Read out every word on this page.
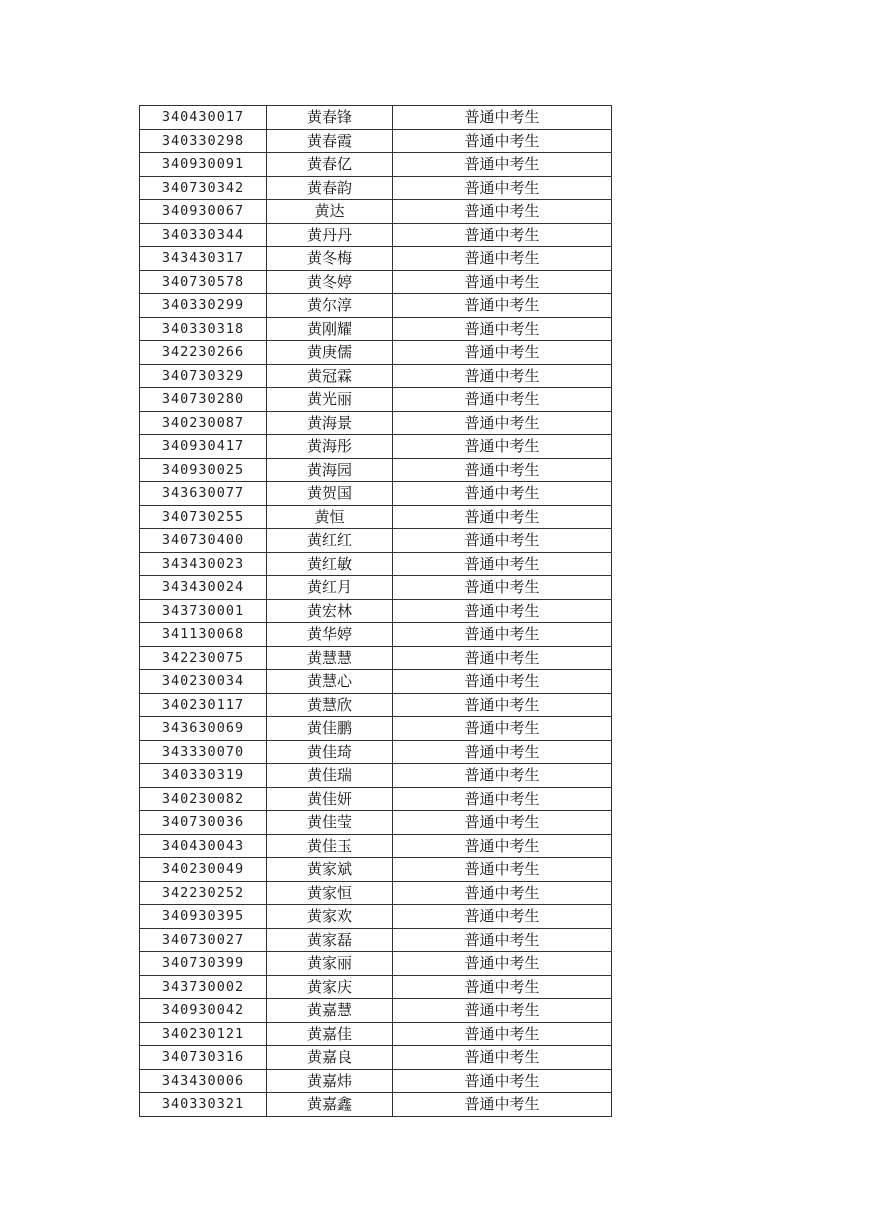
340430017	黄春锋	普通中考生
340330298	黄春霞	普通中考生
340930091	黄春亿	普通中考生
340730342	黄春韵	普通中考生
340930067	黄达	普通中考生
340330344	黄丹丹	普通中考生
343430317	黄冬梅	普通中考生
340730578	黄冬婷	普通中考生
340330299	黄尔淳	普通中考生
340330318	黄刚耀	普通中考生
342230266	黄庚儒	普通中考生
340730329	黄冠霖	普通中考生
340730280	黄光丽	普通中考生
340230087	黄海景	普通中考生
340930417	黄海彤	普通中考生
340930025	黄海园	普通中考生
343630077	黄贺国	普通中考生
340730255	黄恒	普通中考生
340730400	黄红红	普通中考生
343430023	黄红敏	普通中考生
343430024	黄红月	普通中考生
343730001	黄宏林	普通中考生
341130068	黄华婷	普通中考生
342230075	黄慧慧	普通中考生
340230034	黄慧心	普通中考生
340230117	黄慧欣	普通中考生
343630069	黄佳鹏	普通中考生
343330070	黄佳琦	普通中考生
340330319	黄佳瑞	普通中考生
340230082	黄佳妍	普通中考生
340730036	黄佳莹	普通中考生
340430043	黄佳玉	普通中考生
340230049	黄家斌	普通中考生
342230252	黄家恒	普通中考生
340930395	黄家欢	普通中考生
340730027	黄家磊	普通中考生
340730399	黄家丽	普通中考生
343730002	黄家庆	普通中考生
340930042	黄嘉慧	普通中考生
340230121	黄嘉佳	普通中考生
340730316	黄嘉良	普通中考生
343430006	黄嘉炜	普通中考生
340330321	黄嘉鑫	普通中考生
